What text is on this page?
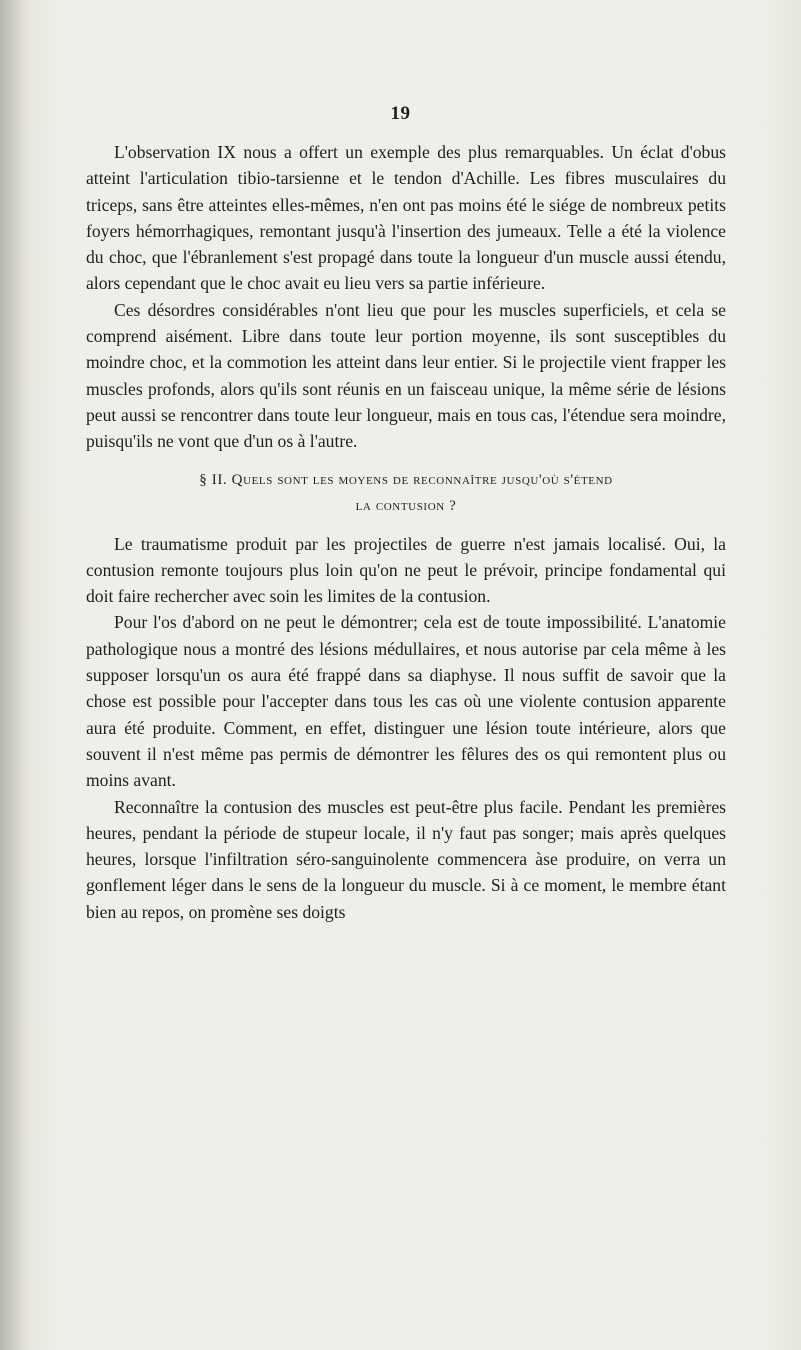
19

L'observation IX nous a offert un exemple des plus remarquables. Un éclat d'obus atteint l'articulation tibio-tarsienne et le tendon d'Achille. Les fibres musculaires du triceps, sans être atteintes elles-mêmes, n'en ont pas moins été le siége de nombreux petits foyers hémorrhagiques, remontant jusqu'à l'insertion des jumeaux. Telle a été la violence du choc, que l'ébranlement s'est propagé dans toute la longueur d'un muscle aussi étendu, alors cependant que le choc avait eu lieu vers sa partie inférieure.

Ces désordres considérables n'ont lieu que pour les muscles superficiels, et cela se comprend aisément. Libre dans toute leur portion moyenne, ils sont susceptibles du moindre choc, et la commotion les atteint dans leur entier. Si le projectile vient frapper les muscles profonds, alors qu'ils sont réunis en un faisceau unique, la même série de lésions peut aussi se rencontrer dans toute leur longueur, mais en tous cas, l'étendue sera moindre, puisqu'ils ne vont que d'un os à l'autre.

§ II. Quels sont les moyens de reconnaître jusqu'où s'étend
la contusion ?

Le traumatisme produit par les projectiles de guerre n'est jamais localisé. Oui, la contusion remonte toujours plus loin qu'on ne peut le prévoir, principe fondamental qui doit faire rechercher avec soin les limites de la contusion.

Pour l'os d'abord on ne peut le démontrer; cela est de toute impossibilité. L'anatomie pathologique nous a montré des lésions médullaires, et nous autorise par cela même à les supposer lorsqu'un os aura été frappé dans sa diaphyse. Il nous suffit de savoir que la chose est possible pour l'accepter dans tous les cas où une violente contusion apparente aura été produite. Comment, en effet, distinguer une lésion toute intérieure, alors que souvent il n'est même pas permis de démontrer les fêlures des os qui remontent plus ou moins avant.

Reconnaître la contusion des muscles est peut-être plus facile. Pendant les premières heures, pendant la période de stupeur locale, il n'y faut pas songer; mais après quelques heures, lorsque l'infiltration séro-sanguinolente commencera àse produire, on verra un gonflement léger dans le sens de la longueur du muscle. Si à ce moment, le membre étant bien au repos, on promène ses doigts
